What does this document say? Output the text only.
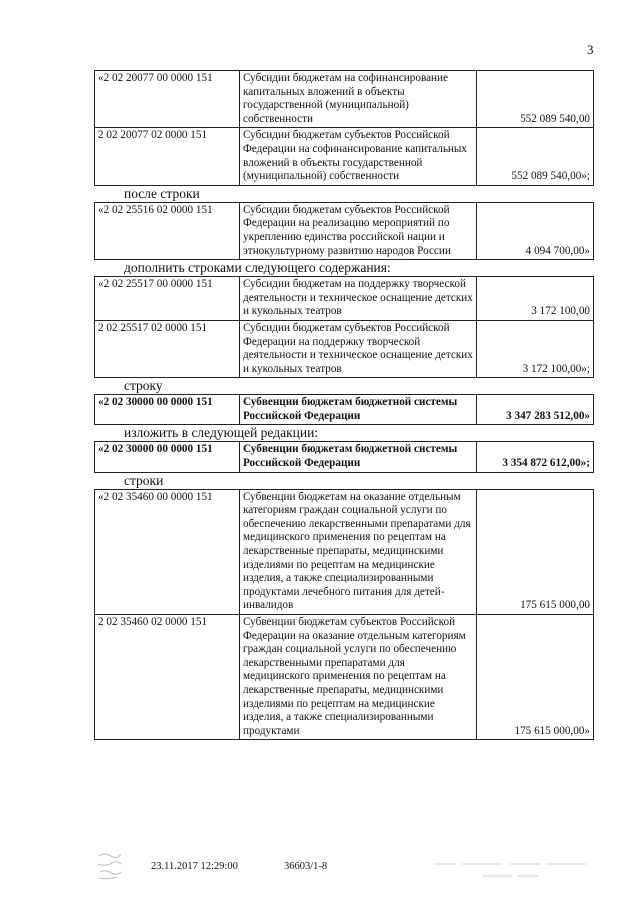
3
«2 02 20077 00 0000 151	Субсидии бюджетам на софинансирование капитальных вложений в объекты государственной (муниципальной) собственности	552 089 540,00
2 02 20077 02 0000 151	Субсидии бюджетам субъектов Российской Федерации на софинансирование капитальных вложений в объекты государственной (муниципальной) собственности	552 089 540,00»;
после строки
«2 02 25516 02 0000 151	Субсидии бюджетам субъектов Российской Федерации на реализацию мероприятий по укреплению единства российской нации и этнокультурному развитию народов России	4 094 700,00»
дополнить строками следующего содержания:
«2 02 25517 00 0000 151	Субсидии бюджетам на поддержку творческой деятельности и техническое оснащение детских и кукольных театров	3 172 100,00
2 02 25517 02 0000 151	Субсидии бюджетам субъектов Российской Федерации на поддержку творческой деятельности и техническое оснащение детских и кукольных театров	3 172 100,00»;
строку
«2 02 30000 00 0000 151	Субвенции бюджетам бюджетной системы Российской Федерации	3 347 283 512,00»
изложить в следующей редакции:
«2 02 30000 00 0000 151	Субвенции бюджетам бюджетной системы Российской Федерации	3 354 872 612,00»;
строки
«2 02 35460 00 0000 151	Субвенции бюджетам на оказание отдельным категориям граждан социальной услуги по обеспечению лекарственными препаратами для медицинского применения по рецептам на лекарственные препараты, медицинскими изделиями по рецептам на медицинские изделия, а также специализированными продуктами лечебного питания для детей-инвалидов	175 615 000,00
2 02 35460 02 0000 151	Субвенции бюджетам субъектов Российской Федерации на оказание отдельным категориям граждан социальной услуги по обеспечению лекарственными препаратами для медицинского применения по рецептам на лекарственные препараты, медицинскими изделиями по рецептам на медицинские изделия, а также специализированными продуктами	175 615 000,00»
23.11.2017 12:29:00	36603/1-8
